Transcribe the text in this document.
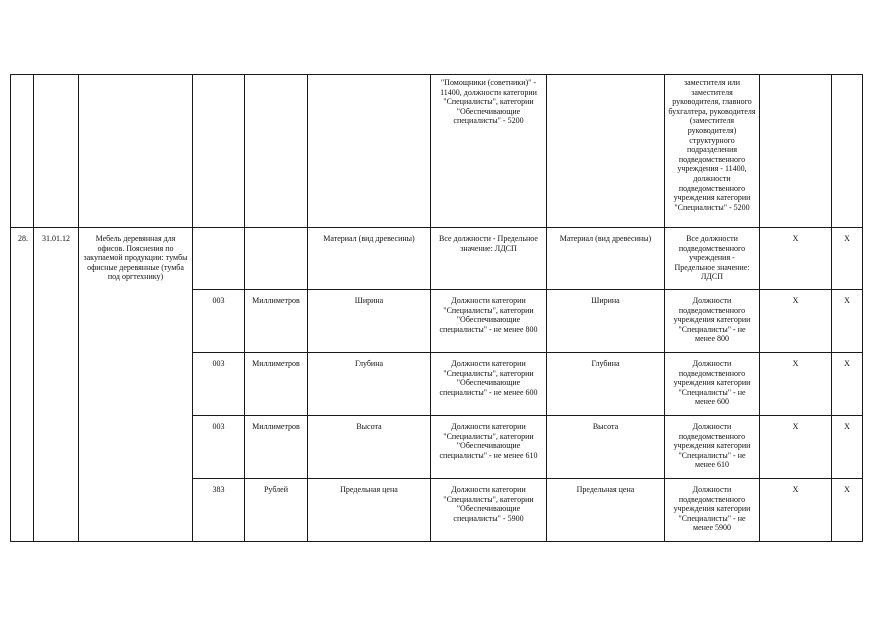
						"Помощники (советники)" - 11400, должности категории "Специалисты", категории "Обеспечивающие специалисты" - 5200		заместителя или заместителя руководителя, главного бухгалтера, руководителя (заместителя руководителя) структурного подразделения подведомственного учреждения - 11400, должности подведомственного учреждения категории "Специалисты" - 5200		

28.	31.01.12	Мебель деревянная для офисов. Пояснения по закупаемой продукции: тумбы офисные деревянные (тумба под оргтехнику)			Материал (вид древесины)	Все должности - Предельное значение: ЛДСП	Материал (вид древесины)	Все должности подведомственного учреждения - Предельное значение: ЛДСП	X	X
			003	Миллиметров	Ширина	Должности категории "Специалисты", категории "Обеспечивающие специалисты" - не менее 800	Ширина	Должности подведомственного учреждения категории "Специалисты" - не менее 800	X	X
			003	Миллиметров	Глубина	Должности категории "Специалисты", категории "Обеспечивающие специалисты" - не менее 600	Глубина	Должности подведомственного учреждения категории "Специалисты" - не менее 600	X	X
			003	Миллиметров	Высота	Должности категории "Специалисты", категории "Обеспечивающие специалисты" - не менее 610	Высота	Должности подведомственного учреждения категории "Специалисты" - не менее 610	X	X
			383	Рублей	Предельная цена	Должности категории "Специалисты", категории "Обеспечивающие специалисты" - 5900	Предельная цена	Должности подведомственного учреждения категории "Специалисты" - не менее 5900	X	X
